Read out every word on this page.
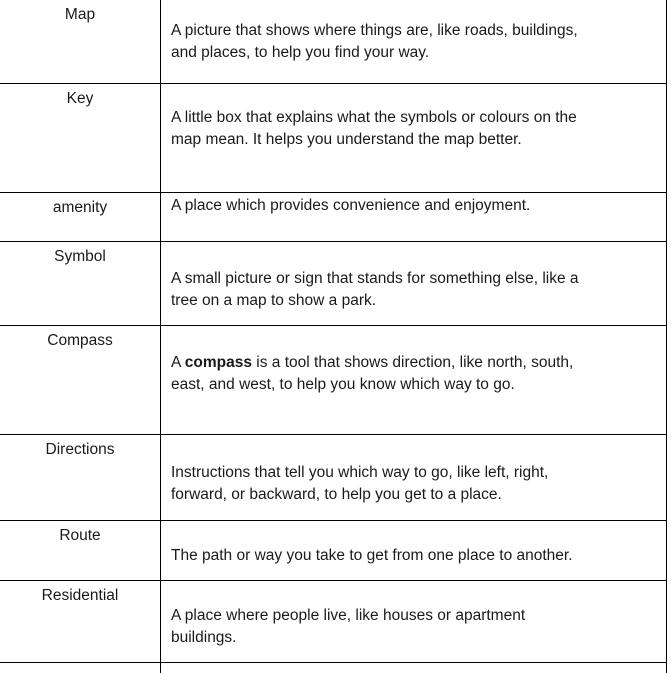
Map
A picture that shows where things are, like roads, buildings,
and places, to help you find your way.
Key
A little box that explains what the symbols or colours on the
map mean. It helps you understand the map better.
amenity	A place which provides convenience and enjoyment.
Symbol
A small picture or sign that stands for something else, like a
tree on a map to show a park.
Compass
A compass is a tool that shows direction, like north, south,
east, and west, to help you know which way to go.
Directions
Instructions that tell you which way to go, like left, right,
forward, or backward, to help you get to a place.
Route
The path or way you take to get from one place to another.
Residential
A place where people live, like houses or apartment
buildings.
